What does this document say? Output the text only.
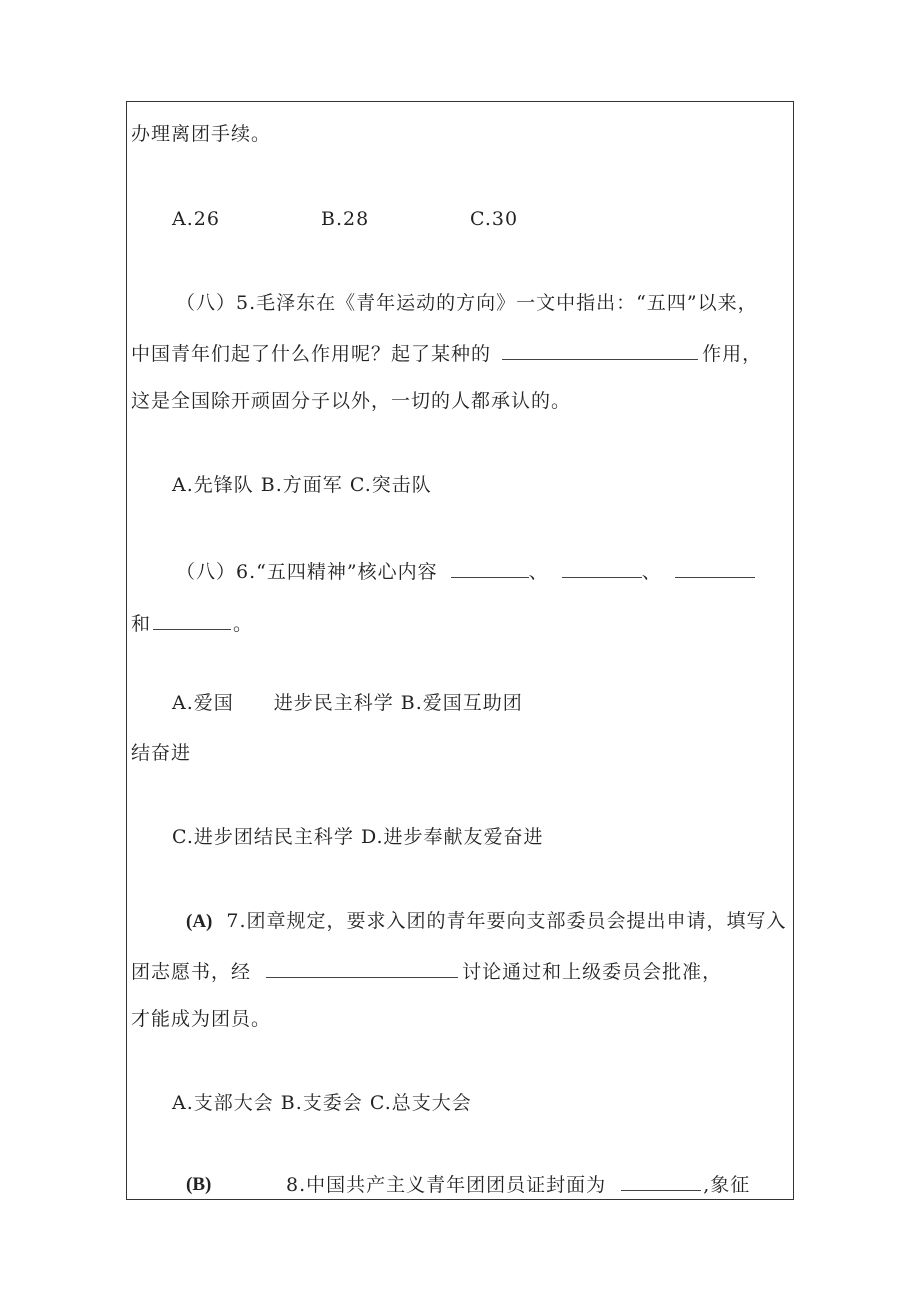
办理离团手续。
A.26	B.28	C.30
（八）5.毛泽东在《青年运动的方向》一文中指出：“五四”以来，
中国青年们起了什么作用呢？起了某种的	作用，
这是全国除开顽固分子以外，一切的人都承认的。
A.先锋队 B.方面军 C.突击队
（八）6.“五四精神”核心内容	、	、
和	。
A.爱国 进步民主科学 B.爱国互助团
结奋进
C.进步团结民主科学 D.进步奉献友爱奋进
(A) 7.团章规定，要求入团的青年要向支部委员会提出申请，填写入
团志愿书，经	讨论通过和上级委员会批准，
才能成为团员。
A.支部大会 B.支委会 C.总支大会
(B)	8.中国共产主义青年团团员证封面为	,象征
